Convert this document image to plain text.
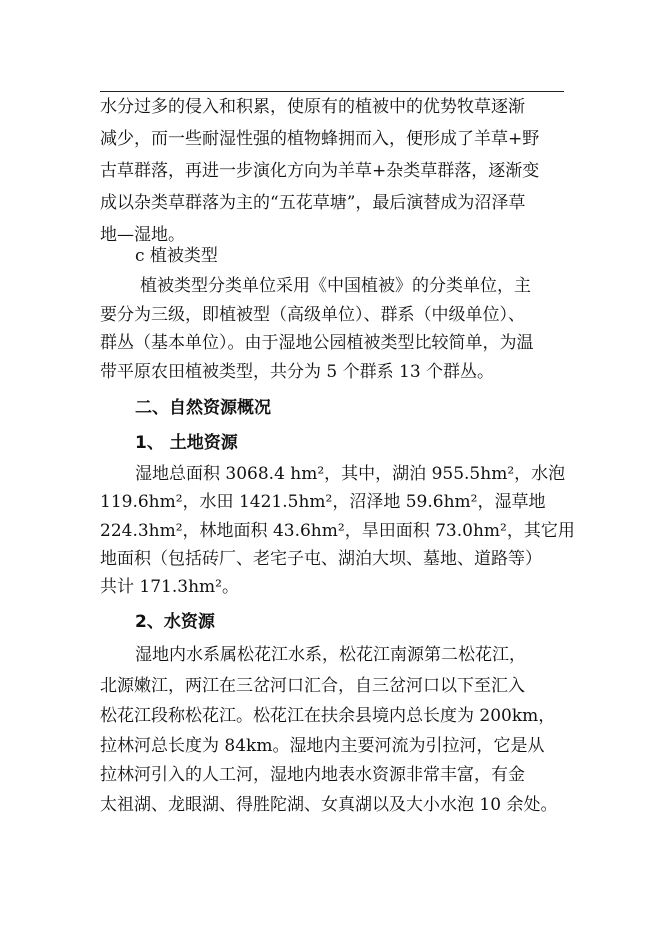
水分过多的侵入和积累，使原有的植被中的优势牧草逐渐
减少，而一些耐湿性强的植物蜂拥而入，便形成了羊草+野
古草群落，再进一步演化方向为羊草+杂类草群落，逐渐变
成以杂类草群落为主的“五花草塘”，最后演替成为沼泽草
地—湿地。
c 植被类型
植被类型分类单位采用《中国植被》的分类单位，主
要分为三级，即植被型（高级单位）、群系（中级单位）、
群丛（基本单位）。由于湿地公园植被类型比较简单，为温
带平原农田植被类型，共分为 5 个群系 13 个群丛。
二、自然资源概况
1、 土地资源
湿地总面积 3068.4 hm²，其中，湖泊 955.5hm²，水泡
119.6hm²，水田 1421.5hm²，沼泽地 59.6hm²，湿草地
224.3hm²，林地面积 43.6hm²，旱田面积 73.0hm²，其它用
地面积（包括砖厂、老宅子屯、湖泊大坝、墓地、道路等）
共计 171.3hm²。
2、水资源
湿地内水系属松花江水系，松花江南源第二松花江，
北源嫩江，两江在三岔河口汇合，自三岔河口以下至汇入
松花江段称松花江。松花江在扶余县境内总长度为 200km，
拉林河总长度为 84km。湿地内主要河流为引拉河，它是从
拉林河引入的人工河，湿地内地表水资源非常丰富，有金
太祖湖、龙眼湖、得胜陀湖、女真湖以及大小水泡 10 余处。
